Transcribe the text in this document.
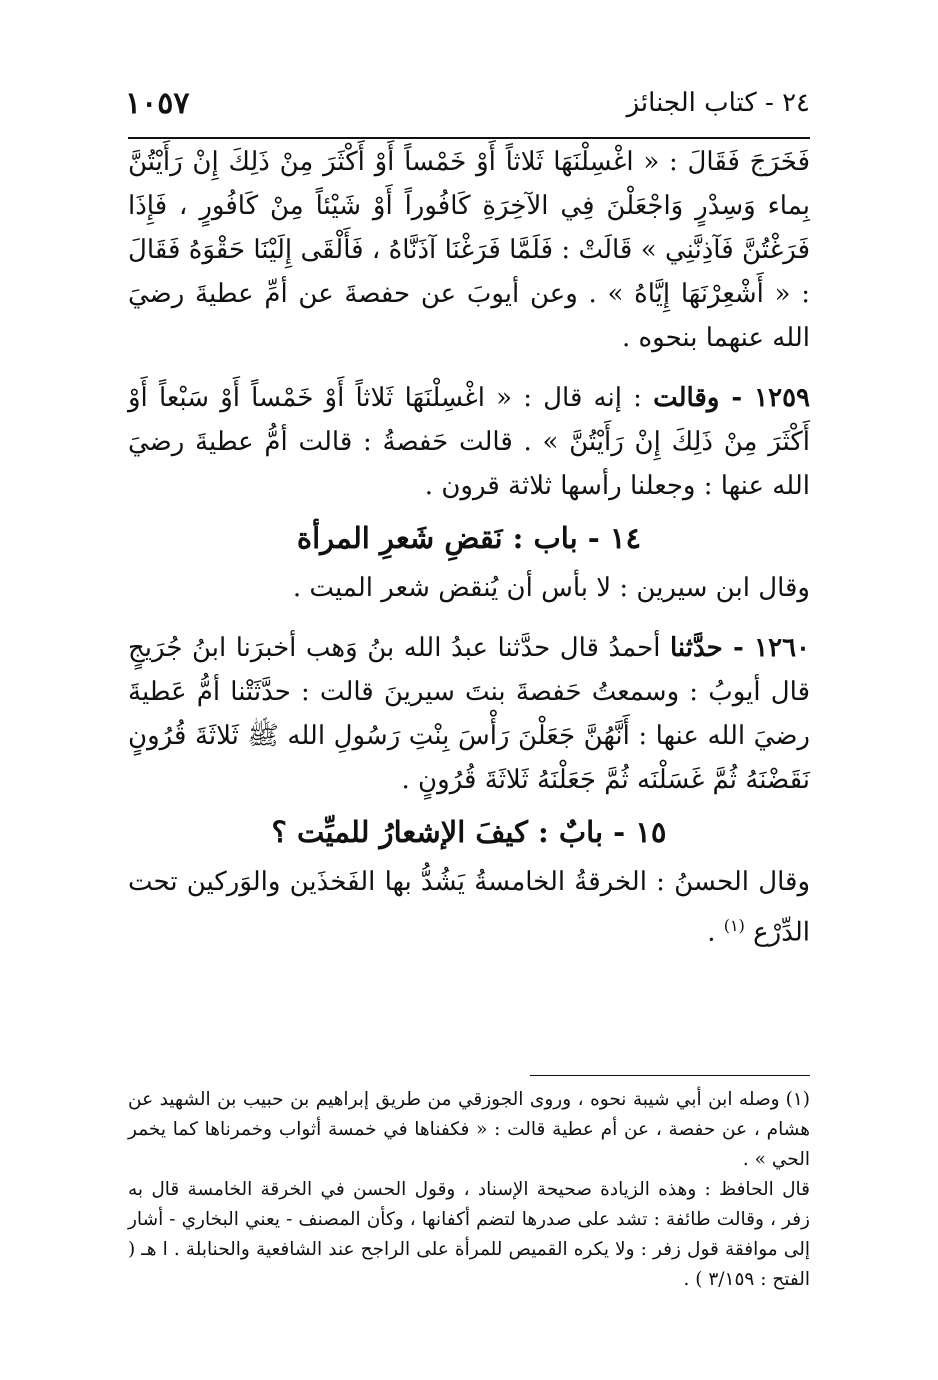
١٠٥٧	٢٤ - كتاب الجنائز

فَخَرَجَ فَقَالَ : « اغْسِلْنَهَا ثَلاثاً أَوْ خَمْساً أَوْ أَكْثَرَ مِنْ ذَلِكَ إِنْ رَأَيْتُنَّ بِماء وَسِدْرٍ وَاجْعَلْنَ فِي الآخِرَةِ كَافُوراً أَوْ شَيْئاً مِنْ كَافُورٍ ، فَإِذَا فَرَغْتُنَّ فَآذِنَّنِي » قَالَتْ : فَلَمَّا فَرَغْنَا آذَنَّاهُ ، فَأَلْقَى إِلَيْنَا حَقْوَهُ فَقَالَ : « أَشْعِرْنَهَا إِيَّاهُ » . وعن أيوبَ عن حفصةَ عن أمِّ عطيةَ رضيَ الله عنهما بنحوه .

١٢٥٩ - وقالت : إنه قال : « اغْسِلْنَهَا ثَلاثاً أَوْ خَمْساً أَوْ سَبْعاً أَوْ أَكْثَرَ مِنْ ذَلِكَ إِنْ رَأَيْتُنَّ » . قالت حَفصةُ : قالت أمُّ عطيةَ رضيَ الله عنها : وجعلنا رأسها ثلاثة قرون .

١٤ - باب : نَقضِ شَعرِ المرأة

وقال ابن سيرين : لا بأس أن يُنقض شعر الميت .

١٢٦٠ - حدَّثنا أحمدُ قال حدَّثنا عبدُ الله بنُ وَهب أخبرَنا ابنُ جُرَيجٍ قال أيوبُ : وسمعتُ حَفصةَ بنتَ سيرينَ قالت : حدَّثَتْنا أمُّ عَطيةَ رضيَ الله عنها : أَنَّهُنَّ جَعَلْنَ رَأْسَ بِنْتِ رَسُولِ الله ﷺ ثَلاثَةَ قُرُونٍ نَقَضْنَهُ ثُمَّ غَسَلْنَه ثُمَّ جَعَلْنَهُ ثَلاثَةَ قُرُونٍ .

١٥ - بابٌ : كيفَ الإشعارُ للميِّت ؟

وقال الحسنُ : الخرقةُ الخامسةُ يَشُدُّ بها الفَخذَين والوَركين تحت الدِّرْع $^{(١)}$ .

(١)وصله ابن أبي شيبة نحوه ، وروى الجوزقي من طريق إبراهيم بن حبيب بن الشهيد عن هشام ، عن حفصة ، عن أم عطية قالت : « فكفناها في خمسة أثواب وخمرناها كما يخمر الحي » .

قال الحافظ : وهذه الزيادة صحيحة الإسناد ، وقول الحسن في الخرقة الخامسة قال به زفر ، وقالت طائفة : تشد على صدرها لتضم أكفانها ، وكأن المصنف - يعني البخاري - أشار إلى موافقة قول زفر : ولا يكره القميص للمرأة على الراجح عند الشافعية والحنابلة . ا هـ ( الفتح : ٣/١٥٩ ) .
